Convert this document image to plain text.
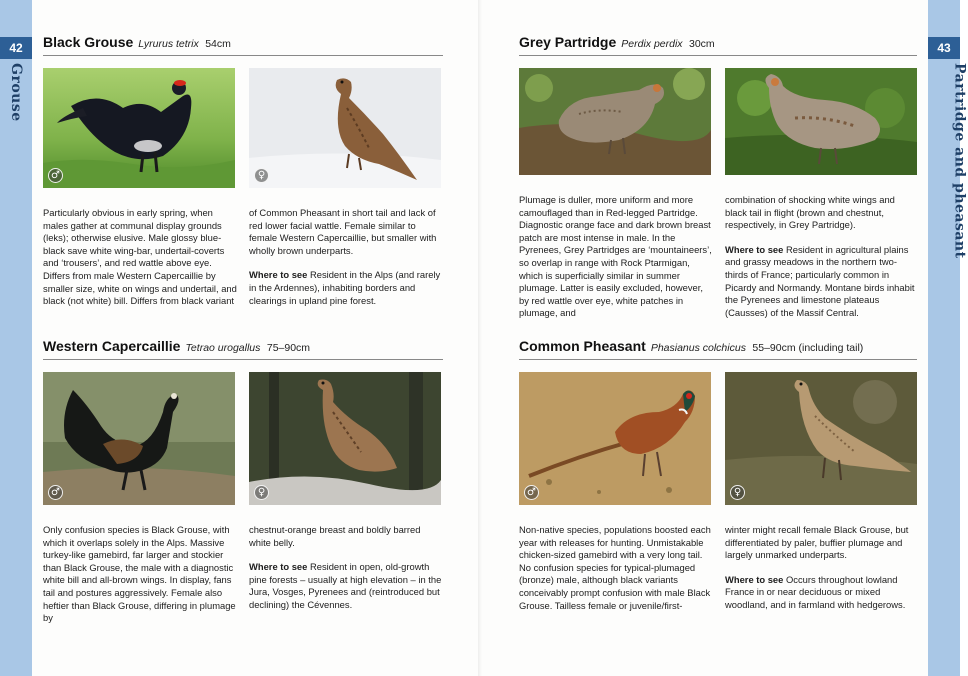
42
Grouse
43
Partridge and pheasant
Black Grouse Lyrurus tetrix 54cm
♂	♀

Particularly obvious in early spring, when males gather at communal display grounds (leks); otherwise elusive. Male glossy blue-black save white wing-bar, undertail-coverts and ‘trousers’, and red wattle above eye. Differs from male Western Capercaillie by smaller size, white on wings and undertail, and black (not white) bill. Differs from black variant

of Common Pheasant in short tail and lack of red lower facial wattle. Female similar to female Western Capercaillie, but smaller with wholly brown underparts.

Where to see Resident in the Alps (and rarely in the Ardennes), inhabiting borders and clearings in upland pine forest.

Western Capercaillie Tetrao urogallus 75–90cm
♂	♀

Only confusion species is Black Grouse, with which it overlaps solely in the Alps. Massive turkey-like gamebird, far larger and stockier than Black Grouse, the male with a diagnostic white bill and all-brown wings. In display, fans tail and postures aggressively. Female also heftier than Black Grouse, differing in plumage by

chestnut-orange breast and boldly barred white belly.

Where to see Resident in open, old-growth pine forests – usually at high elevation – in the Jura, Vosges, Pyrenees and (reintroduced but declining) the Cévennes.

Grey Partridge Perdix perdix 30cm

Plumage is duller, more uniform and more camouflaged than in Red-legged Partridge. Diagnostic orange face and dark brown breast patch are most intense in male. In the Pyrenees, Grey Partridges are ‘mountaineers’, so overlap in range with Rock Ptarmigan, which is superficially similar in summer plumage. Latter is easily excluded, however, by red wattle over eye, white patches in plumage, and

combination of shocking white wings and black tail in flight (brown and chestnut, respectively, in Grey Partridge).

Where to see Resident in agricultural plains and grassy meadows in the northern two-thirds of France; particularly common in Picardy and Normandy. Montane birds inhabit the Pyrenees and limestone plateaus (Causses) of the Massif Central.

Common Pheasant Phasianus colchicus 55–90cm (including tail)
♂	♀

Non-native species, populations boosted each year with releases for hunting. Unmistakable chicken-sized gamebird with a very long tail. No confusion species for typical-plumaged (bronze) male, although black variants conceivably prompt confusion with male Black Grouse. Tailless female or juvenile/first-

winter might recall female Black Grouse, but differentiated by paler, buffier plumage and largely unmarked underparts.

Where to see Occurs throughout lowland France in or near deciduous or mixed woodland, and in farmland with hedgerows.
